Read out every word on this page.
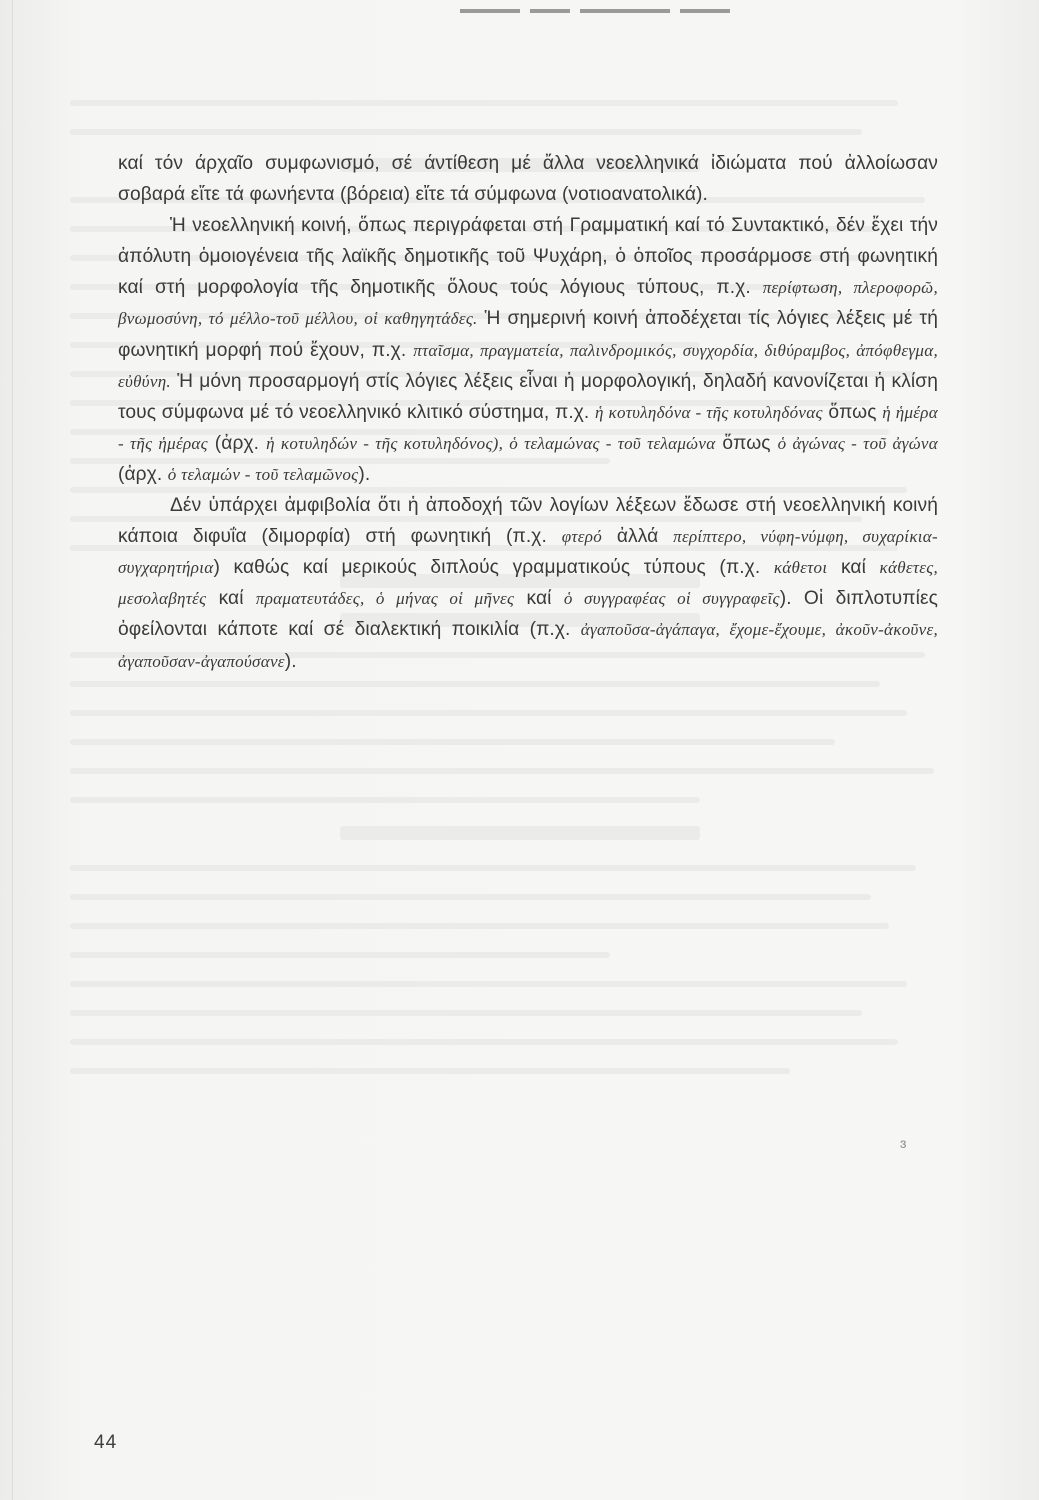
καί τόν άρχαῖο συμφωνισμό, σέ άντίθεση μέ ἄλλα νεοελληνικά ἰδιώματα πού ἀλλοίωσαν σοβαρά εἴτε τά φωνήεντα (βόρεια) εἴτε τά σύμφωνα (νοτιοανατολικά).

Ἡ νεοελληνική κοινή, ὅπως περιγράφεται στή Γραμματική καί τό Συντακτικό, δέν ἔχει τήν ἀπόλυτη ὁμοιογένεια τῆς λαϊκῆς δημοτικῆς τοῦ Ψυχάρη, ὁ ὁποῖος προσάρμοσε στή φωνητική καί στή μορφολογία τῆς δημοτικῆς ὅλους τούς λόγιους τύπους, π.χ. περίφτωση, πλεροφορῶ, βνωμοσύνη, τό μέλλο-τοῦ μέλλου, οἱ καθηγητάδες. Ἡ σημερινή κοινή ἀποδέχεται τίς λόγιες λέξεις μέ τή φωνητική μορφή πού ἔχουν, π.χ. πταῖσμα, πραγματεία, παλινδρομικός, συγχορδία, διθύραμβος, ἀπόφθεγμα, εὐθύνη. Ἡ μόνη προσαρμογή στίς λόγιες λέξεις εἶναι ἡ μορφολογική, δηλαδή κανονίζεται ἡ κλίση τους σύμφωνα μέ τό νεοελληνικό κλιτικό σύστημα, π.χ. ἡ κοτυληδόνα - τῆς κοτυληδόνας ὅπως ἡ ἡμέρα - τῆς ἡμέρας (ἀρχ. ἡ κοτυληδών - τῆς κοτυληδόνος), ὁ τελαμώνας - τοῦ τελαμώνα ὅπως ὁ ἀγώνας - τοῦ ἀγώνα (ἀρχ. ὁ τελαμών - τοῦ τελαμῶνος).

Δέν ὑπάρχει ἀμφιβολία ὅτι ἡ ἀποδοχή τῶν λογίων λέξεων ἔδωσε στή νεοελληνική κοινή κάποια διφυΐα (διμορφία) στή φωνητική (π.χ. φτερό ἀλλά περίπτερο, νύφη-νύμφη, συχαρίκια-συγχαρητήρια) καθώς καί μερικούς διπλούς γραμματικούς τύπους (π.χ. κάθετοι καί κάθετες, μεσολαβητές καί πραματευτάδες, ὁ μήνας οἱ μῆνες καί ὁ συγγραφέας οἱ συγγραφεῖς). Οἱ διπλοτυπίες ὀφείλονται κάποτε καί σέ διαλεκτική ποικιλία (π.χ. ἀγαποῦσα-ἀγάπαγα, ἔχομε-ἔχουμε, ἀκοῦν-ἀκοῦνε, ἀγαποῦσαν-ἀγαπούσανε).

ɜ
44
